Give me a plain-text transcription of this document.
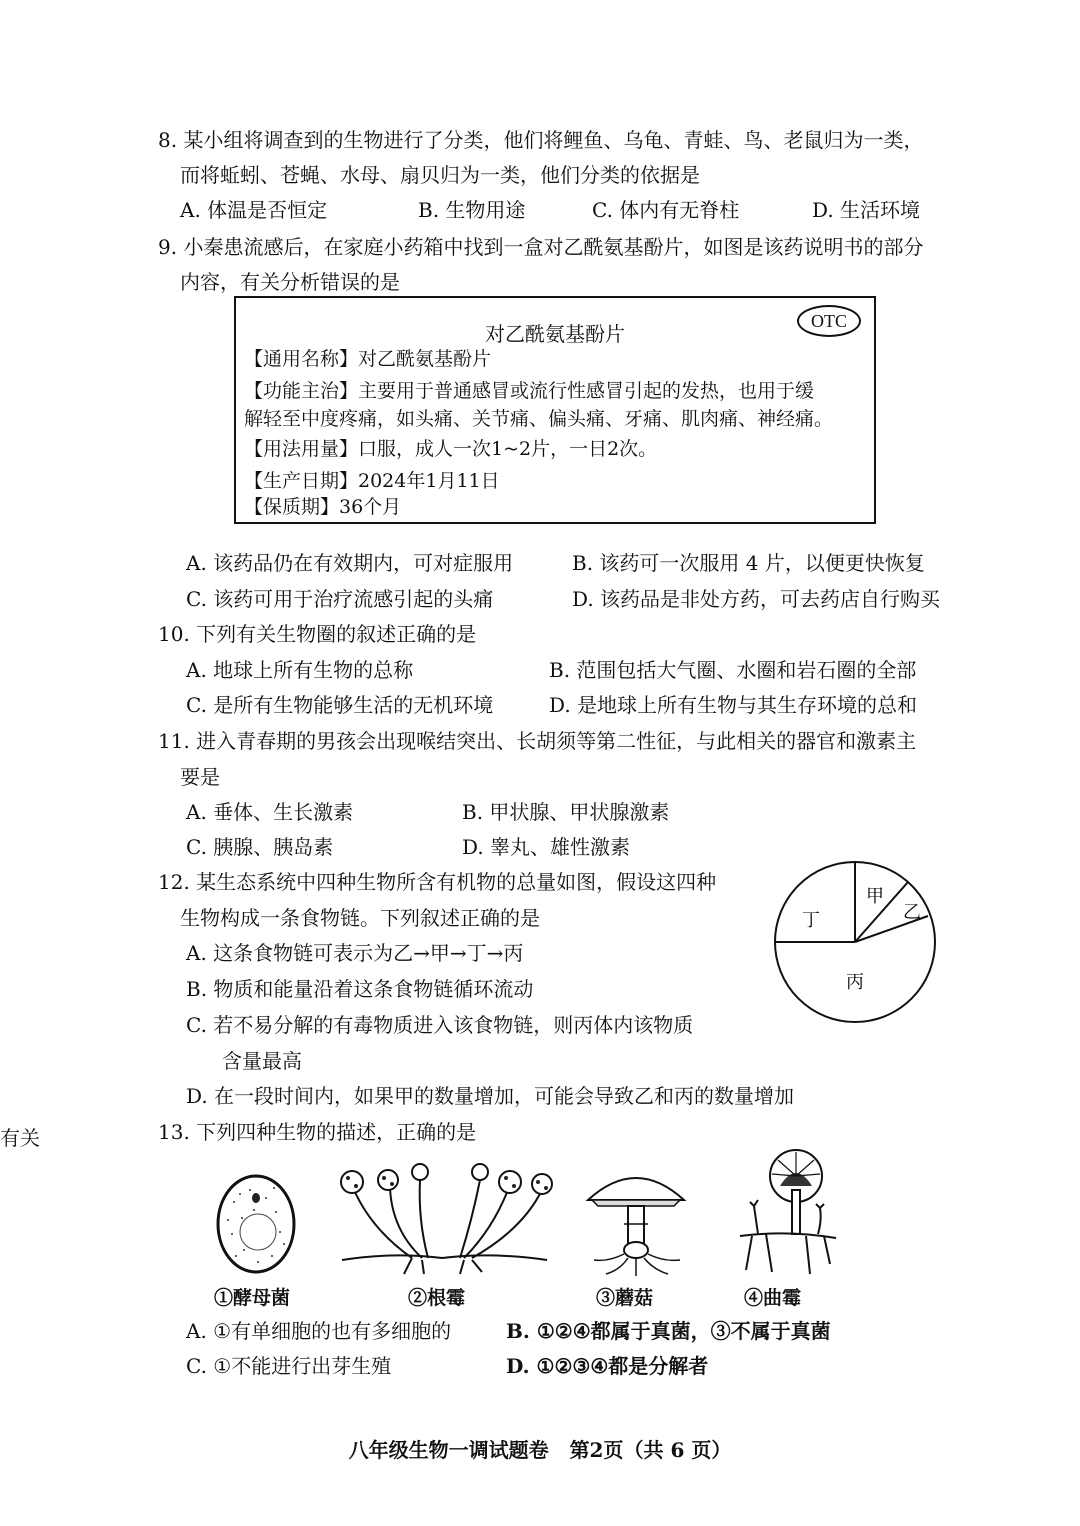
8. 某小组将调查到的生物进行了分类，他们将鲤鱼、乌龟、青蛙、鸟、老鼠归为一类，
而将蚯蚓、苍蝇、水母、扇贝归为一类，他们分类的依据是
A. 体温是否恒定	B. 生物用途	C. 体内有无脊柱	D. 生活环境
9. 小秦患流感后，在家庭小药箱中找到一盒对乙酰氨基酚片，如图是该药说明书的部分
内容，有关分析错误的是
OTC
对乙酰氨基酚片
【通用名称】对乙酰氨基酚片
【功能主治】主要用于普通感冒或流行性感冒引起的发热，也用于缓
解轻至中度疼痛，如头痛、关节痛、偏头痛、牙痛、肌肉痛、神经痛。
【用法用量】口服，成人一次1~2片，一日2次。
【生产日期】2024年1月11日
【保质期】36个月
A. 该药品仍在有效期内，可对症服用	B. 该药可一次服用 4 片，以便更快恢复
C. 该药可用于治疗流感引起的头痛	D. 该药品是非处方药，可去药店自行购买
10. 下列有关生物圈的叙述正确的是
A. 地球上所有生物的总称	B. 范围包括大气圈、水圈和岩石圈的全部
C. 是所有生物能够生活的无机环境	D. 是地球上所有生物与其生存环境的总和
11. 进入青春期的男孩会出现喉结突出、长胡须等第二性征，与此相关的器官和激素主
要是
A. 垂体、生长激素	B. 甲状腺、甲状腺激素
C. 胰腺、胰岛素	D. 睾丸、雄性激素
12. 某生态系统中四种生物所含有机物的总量如图，假设这四种
生物构成一条食物链。下列叙述正确的是
A. 这条食物链可表示为乙→甲→丁→丙
B. 物质和能量沿着这条食物链循环流动
C. 若不易分解的有毒物质进入该食物链，则丙体内该物质
含量最高
D. 在一段时间内，如果甲的数量增加，可能会导致乙和丙的数量增加
甲
乙
丙
丁
有关	13. 下列四种生物的描述，正确的是
①酵母菌	②根霉	③蘑菇	④曲霉
A. ①有单细胞的也有多细胞的	B. ①②④都属于真菌，③不属于真菌
C. ①不能进行出芽生殖	D. ①②③④都是分解者
八年级生物一调试题卷   第2页（共 6 页）
